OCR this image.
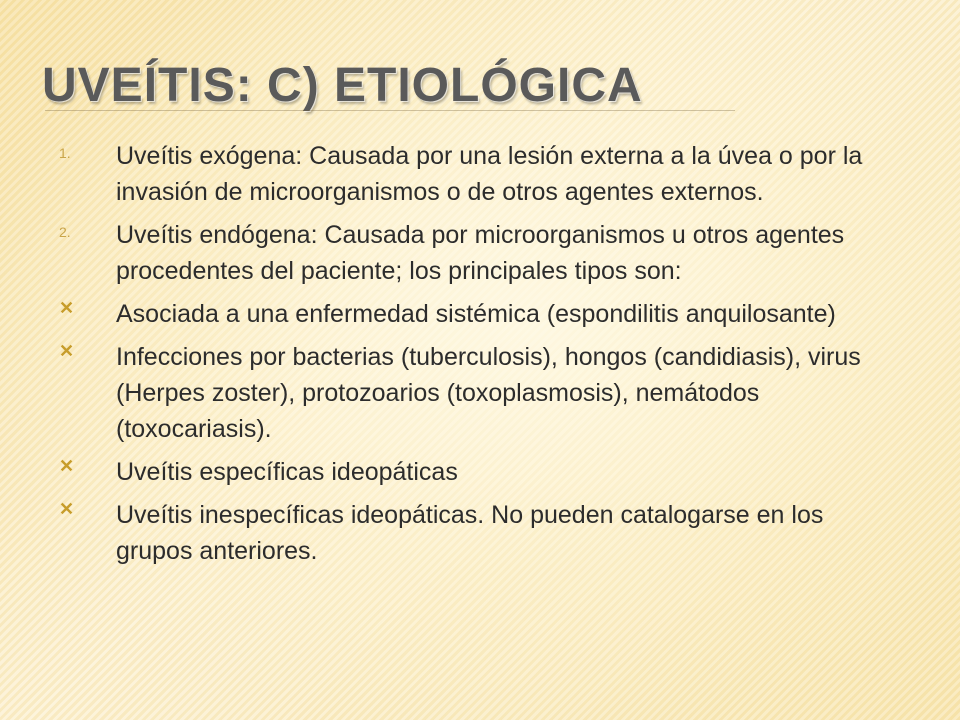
UVEÍTIS: C) ETIOLÓGICA
1. Uveítis exógena: Causada por una lesión externa a la úvea o por la invasión de microorganismos o de otros agentes externos.
2. Uveítis endógena: Causada por microorganismos u otros agentes procedentes del paciente; los principales tipos son:
✕ Asociada a una enfermedad sistémica (espondilitis anquilosante)
✕ Infecciones por bacterias (tuberculosis), hongos (candidiasis), virus (Herpes zoster), protozoarios (toxoplasmosis), nemátodos (toxocariasis).
✕ Uveítis específicas ideopáticas
✕ Uveítis inespecíficas ideopáticas. No pueden catalogarse en los grupos anteriores.
